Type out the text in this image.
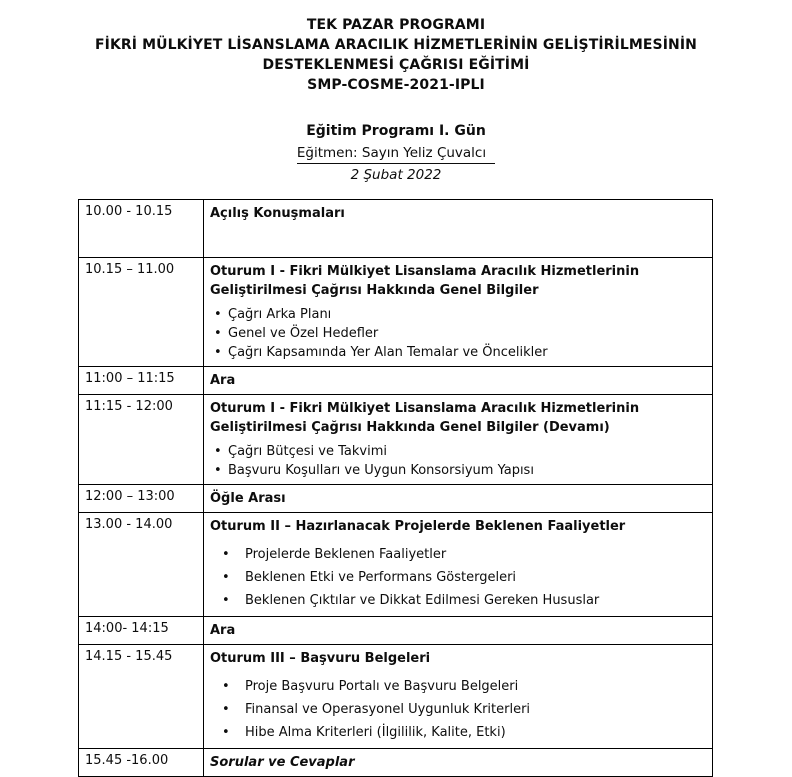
TEK PAZAR PROGRAMI
FİKRİ MÜLKİYET LİSANSLAMA ARACILIK HİZMETLERİNİN GELİŞTİRİLMESİNİN
DESTEKLENMESİ ÇAĞRISI EĞİTİMİ
SMP-COSME-2021-IPLI
Eğitim Programı I. Gün
Eğitmen: Sayın Yeliz Çuvalcı
2 Şubat 2022
10.00 - 10.15	Açılış Konuşmaları

10.15 – 11.00	Oturum I - Fikri Mülkiyet Lisanslama Aracılık Hizmetlerinin Geliştirilmesi Çağrısı Hakkında Genel Bilgiler
• Çağrı Arka Planı
• Genel ve Özel Hedefler
• Çağrı Kapsamında Yer Alan Temalar ve Öncelikler

11:00 – 11:15	Ara

11:15 - 12:00	Oturum I - Fikri Mülkiyet Lisanslama Aracılık Hizmetlerinin Geliştirilmesi Çağrısı Hakkında Genel Bilgiler (Devamı)
• Çağrı Bütçesi ve Takvimi
• Başvuru Koşulları ve Uygun Konsorsiyum Yapısı

12:00 – 13:00	Öğle Arası

13.00 - 14.00	Oturum II – Hazırlanacak Projelerde Beklenen Faaliyetler
• Projelerde Beklenen Faaliyetler
• Beklenen Etki ve Performans Göstergeleri
• Beklenen Çıktılar ve Dikkat Edilmesi Gereken Hususlar

14:00- 14:15	Ara

14.15 - 15.45	Oturum III – Başvuru Belgeleri
• Proje Başvuru Portalı ve Başvuru Belgeleri
• Finansal ve Operasyonel Uygunluk Kriterleri
• Hibe Alma Kriterleri (İlgililik, Kalite, Etki)

15.45 -16.00	Sorular ve Cevaplar
